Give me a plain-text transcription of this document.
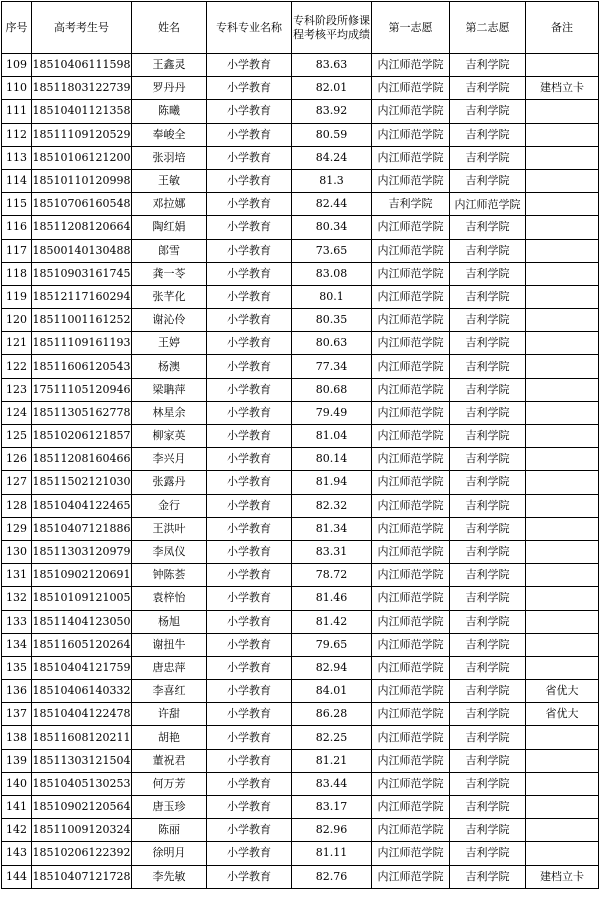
序号	高考考生号	姓名	专科专业名称	专科阶段所修课程考核平均成绩	第一志愿	第二志愿	备注
109	18510406111598	王鑫灵	小学教育	83.63	内江师范学院	吉利学院	
110	18511803122739	罗丹丹	小学教育	82.01	内江师范学院	吉利学院	建档立卡
111	18510401121358	陈曦	小学教育	83.92	内江师范学院	吉利学院	
112	18511109120529	奉峻全	小学教育	80.59	内江师范学院	吉利学院	
113	18510106121200	张羽培	小学教育	84.24	内江师范学院	吉利学院	
114	18510110120998	王敏	小学教育	81.3	内江师范学院	吉利学院	
115	18510706160548	邓拉娜	小学教育	82.44	吉利学院	内江师范学院	
116	18511208120664	陶红娟	小学教育	80.34	内江师范学院	吉利学院	
117	18500140130488	郎雪	小学教育	73.65	内江师范学院	吉利学院	
118	18510903161745	龚一苓	小学教育	83.08	内江师范学院	吉利学院	
119	18512117160294	张芊化	小学教育	80.1	内江师范学院	吉利学院	
120	18511001161252	谢沁伶	小学教育	80.35	内江师范学院	吉利学院	
121	18511109161193	王婷	小学教育	80.63	内江师范学院	吉利学院	
122	18511606120543	杨澳	小学教育	77.34	内江师范学院	吉利学院	
123	17511105120946	梁聃萍	小学教育	80.68	内江师范学院	吉利学院	
124	18511305162778	林星余	小学教育	79.49	内江师范学院	吉利学院	
125	18510206121857	柳家英	小学教育	81.04	内江师范学院	吉利学院	
126	18511208160466	李兴月	小学教育	80.14	内江师范学院	吉利学院	
127	18511502121030	张露丹	小学教育	81.94	内江师范学院	吉利学院	
128	18510404122465	金行	小学教育	82.32	内江师范学院	吉利学院	
129	18510407121886	王洪叶	小学教育	81.34	内江师范学院	吉利学院	
130	18511303120979	李凤仪	小学教育	83.31	内江师范学院	吉利学院	
131	18510902120691	钟陈荟	小学教育	78.72	内江师范学院	吉利学院	
132	18510109121005	袁梓怡	小学教育	81.46	内江师范学院	吉利学院	
133	18511404123050	杨旭	小学教育	81.42	内江师范学院	吉利学院	
134	18511605120264	谢扭牛	小学教育	79.65	内江师范学院	吉利学院	
135	18510404121759	唐忠萍	小学教育	82.94	内江师范学院	吉利学院	
136	18510406140332	李喜红	小学教育	84.01	内江师范学院	吉利学院	省优大
137	18510404122478	许甜	小学教育	86.28	内江师范学院	吉利学院	省优大
138	18511608120211	胡艳	小学教育	82.25	内江师范学院	吉利学院	
139	18511303121504	董祝君	小学教育	81.21	内江师范学院	吉利学院	
140	18510405130253	何万芳	小学教育	83.44	内江师范学院	吉利学院	
141	18510902120564	唐玉珍	小学教育	83.17	内江师范学院	吉利学院	
142	18511009120324	陈丽	小学教育	82.96	内江师范学院	吉利学院	
143	18510206122392	徐明月	小学教育	81.11	内江师范学院	吉利学院	
144	18510407121728	李先敏	小学教育	82.76	内江师范学院	吉利学院	建档立卡
